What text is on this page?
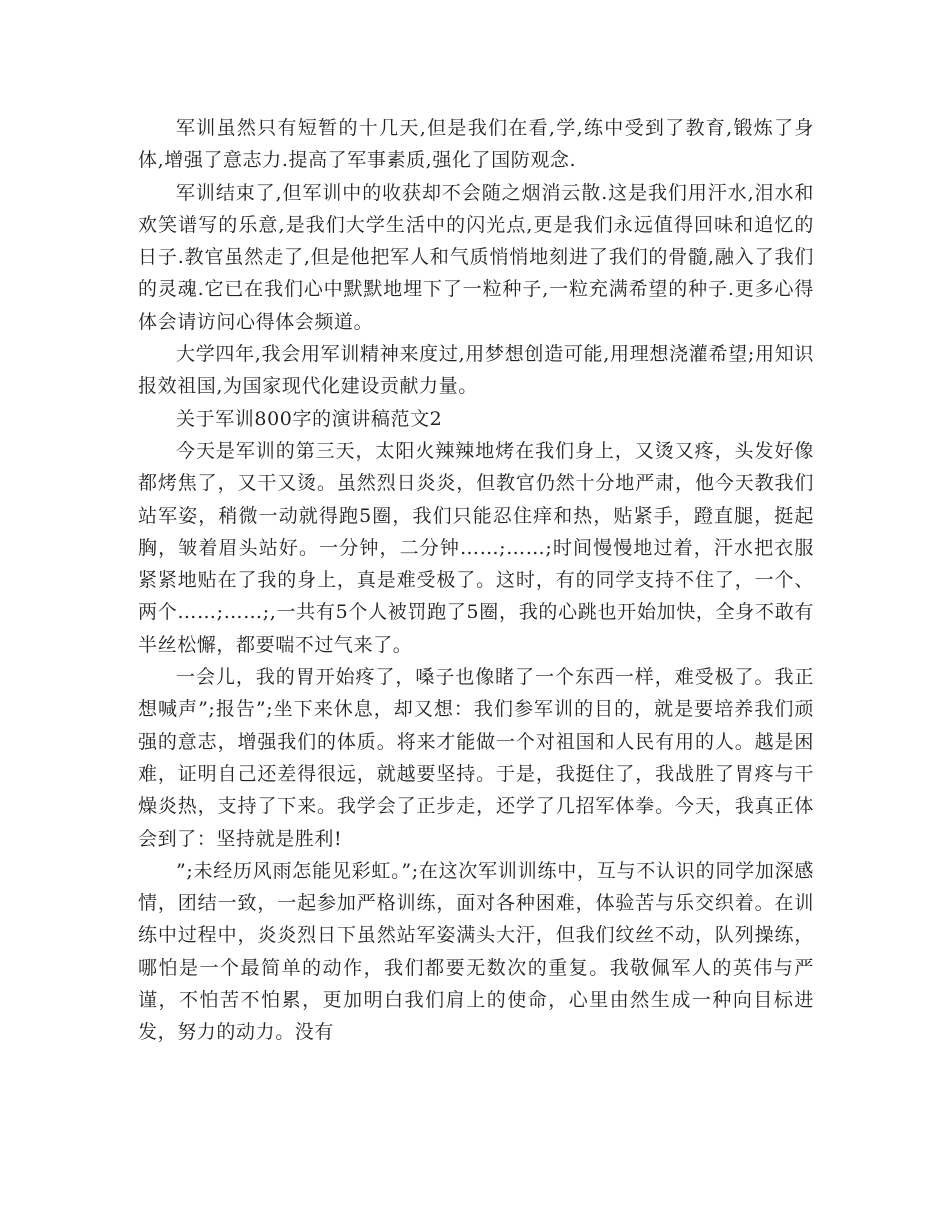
军训虽然只有短暂的十几天,但是我们在看,学,练中受到了教育,锻炼了身体,增强了意志力.提高了军事素质,强化了国防观念.

军训结束了,但军训中的收获却不会随之烟消云散.这是我们用汗水,泪水和欢笑谱写的乐意,是我们大学生活中的闪光点,更是我们永远值得回味和追忆的日子.教官虽然走了,但是他把军人和气质悄悄地刻进了我们的骨髓,融入了我们的灵魂.它已在我们心中默默地埋下了一粒种子,一粒充满希望的种子.更多心得体会请访问心得体会频道。

大学四年,我会用军训精神来度过,用梦想创造可能,用理想浇灌希望;用知识报效祖国,为国家现代化建设贡献力量。

关于军训800字的演讲稿范文2

今天是军训的第三天，太阳火辣辣地烤在我们身上，又烫又疼，头发好像都烤焦了，又干又烫。虽然烈日炎炎，但教官仍然十分地严肃，他今天教我们站军姿，稍微一动就得跑5圈，我们只能忍住痒和热，贴紧手，蹬直腿，挺起胸，皱着眉头站好。一分钟，二分钟……;……;时间慢慢地过着，汗水把衣服紧紧地贴在了我的身上，真是难受极了。这时，有的同学支持不住了，一个、两个……;……;,一共有5个人被罚跑了5圈，我的心跳也开始加快，全身不敢有半丝松懈，都要喘不过气来了。

一会儿，我的胃开始疼了，嗓子也像睹了一个东西一样，难受极了。我正想喊声”;报告”;坐下来休息，却又想：我们参军训的目的，就是要培养我们顽强的意志，增强我们的体质。将来才能做一个对祖国和人民有用的人。越是困难，证明自己还差得很远，就越要坚持。于是，我挺住了，我战胜了胃疼与干燥炎热，支持了下来。我学会了正步走，还学了几招军体拳。今天，我真正体会到了：坚持就是胜利!

”;未经历风雨怎能见彩虹。”;在这次军训训练中，互与不认识的同学加深感情，团结一致，一起参加严格训练，面对各种困难，体验苦与乐交织着。在训练中过程中，炎炎烈日下虽然站军姿满头大汗，但我们纹丝不动，队列操练，哪怕是一个最简单的动作，我们都要无数次的重复。我敬佩军人的英伟与严谨，不怕苦不怕累，更加明白我们肩上的使命，心里由然生成一种向目标进发，努力的动力。没有
